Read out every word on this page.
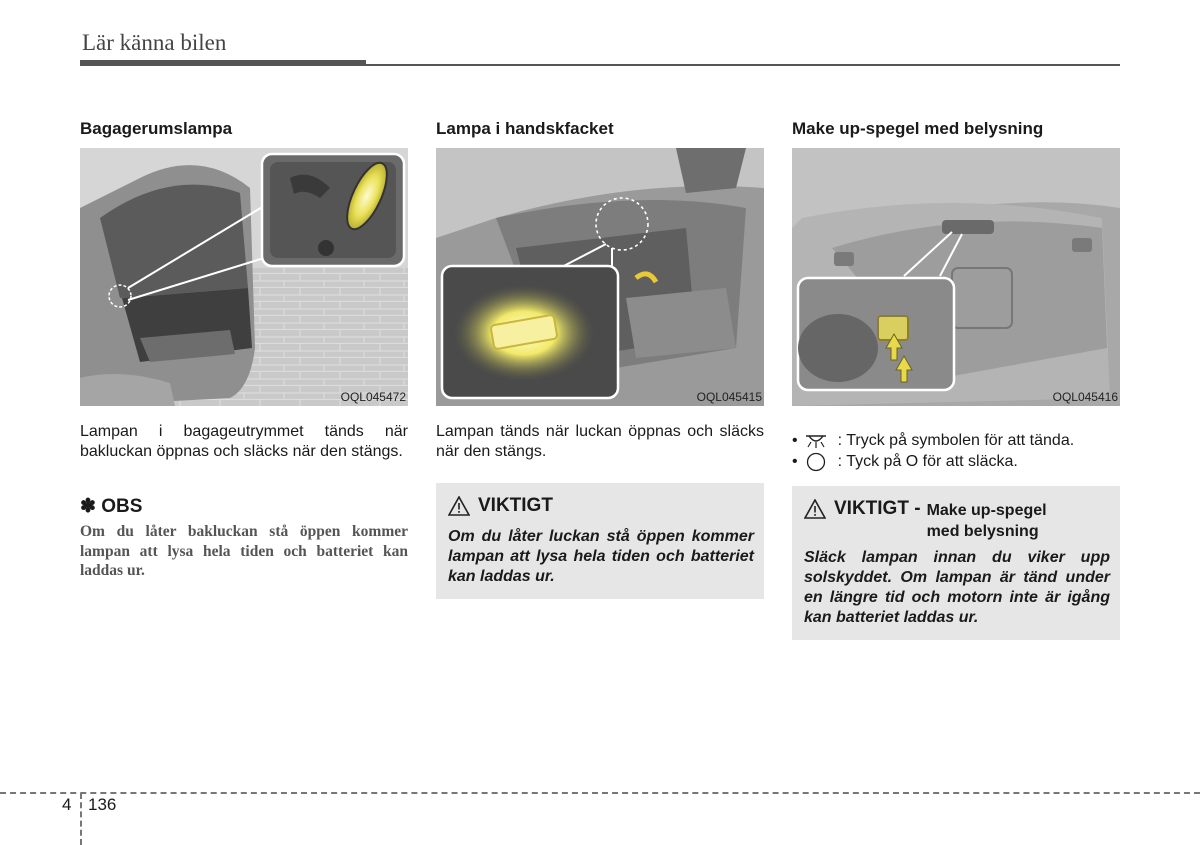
Lär känna bilen
Bagagerumslampa
OQL045472
Lampan i bagageutrymmet tänds när bakluckan öppnas och släcks när den stängs.
✽ OBS
Om du låter bakluckan stå öppen kommer lampan att lysa hela tiden och batteriet kan laddas ur.
Lampa i handskfacket
OQL045415
Lampan tänds när luckan öppnas och släcks när den stängs.
VIKTIGT
Om du låter luckan stå öppen kommer lampan att lysa hela tiden och batteriet kan laddas ur.
Make up-spegel med belysning
OQL045416
•	: Tryck på symbolen för att tända.
•	: Tyck på O för att släcka.
VIKTIGT - Make up-spegel med belysning
Släck lampan innan du viker upp solskyddet. Om lampan är tänd under en längre tid och motorn inte är igång kan batteriet laddas ur.
4 136
